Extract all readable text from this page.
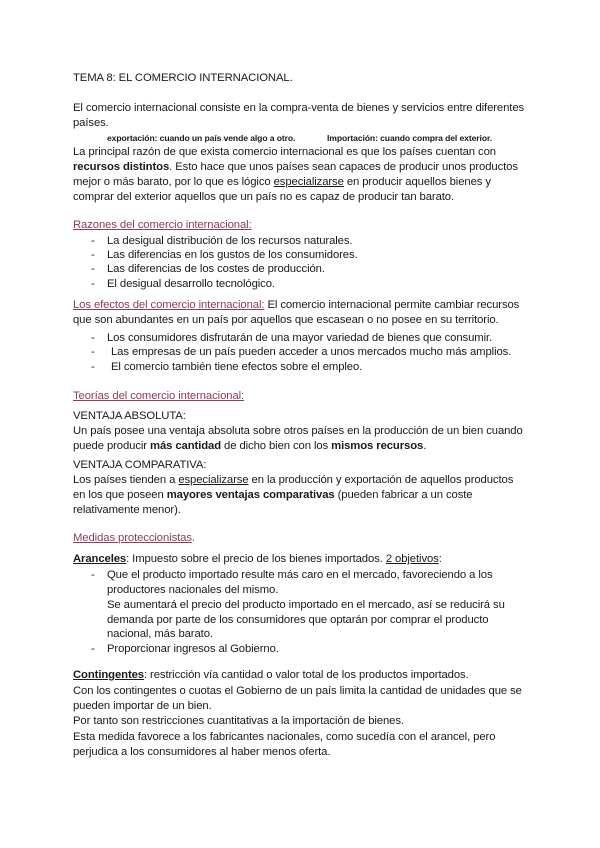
TEMA 8: EL COMERCIO INTERNACIONAL.
El comercio internacional consiste en la compra-venta de bienes y servicios entre diferentes
países.
exportación: cuando un país vende algo a otro.	Importación: cuando compra del exterior.
La principal razón de que exista comercio internacional es que los países cuentan con
recursos distintos. Esto hace que unos países sean capaces de producir unos productos
mejor o más barato, por lo que es lógico especializarse en producir aquellos bienes y
comprar del exterior aquellos que un país no es capaz de producir tan barato.
Razones del comercio internacional:
- La desigual distribución de los recursos naturales.
- Las diferencias en los gustos de los consumidores.
- Las diferencias de los costes de producción.
- El desigual desarrollo tecnológico.
Los efectos del comercio internacional: El comercio internacional permite cambiar recursos
que son abundantes en un país por aquellos que escasean o no posee en su territorio.
- Los consumidores disfrutarán de una mayor variedad de bienes que consumir.
- Las empresas de un país pueden acceder a unos mercados mucho más amplios.
- El comercio también tiene efectos sobre el empleo.
Teorías del comercio internacional:
VENTAJA ABSOLUTA:
Un país posee una ventaja absoluta sobre otros países en la producción de un bien cuando
puede producir más cantidad de dicho bien con los mismos recursos.
VENTAJA COMPARATIVA:
Los países tienden a especializarse en la producción y exportación de aquellos productos
en los que poseen mayores ventajas comparativas (pueden fabricar a un coste
relativamente menor).
Medidas proteccionistas.
Aranceles: Impuesto sobre el precio de los bienes importados. 2 objetivos:
- Que el producto importado resulte más caro en el mercado, favoreciendo a los
productores nacionales del mismo.
Se aumentará el precio del producto importado en el mercado, así se reducirá su
demanda por parte de los consumidores que optarán por comprar el producto
nacional, más barato.
- Proporcionar ingresos al Gobierno.
Contingentes: restricción vía cantidad o valor total de los productos importados.
Con los contingentes o cuotas el Gobierno de un país limita la cantidad de unidades que se
pueden importar de un bien.
Por tanto son restricciones cuantitativas a la importación de bienes.
Esta medida favorece a los fabricantes nacionales, como sucedía con el arancel, pero
perjudica a los consumidores al haber menos oferta.
